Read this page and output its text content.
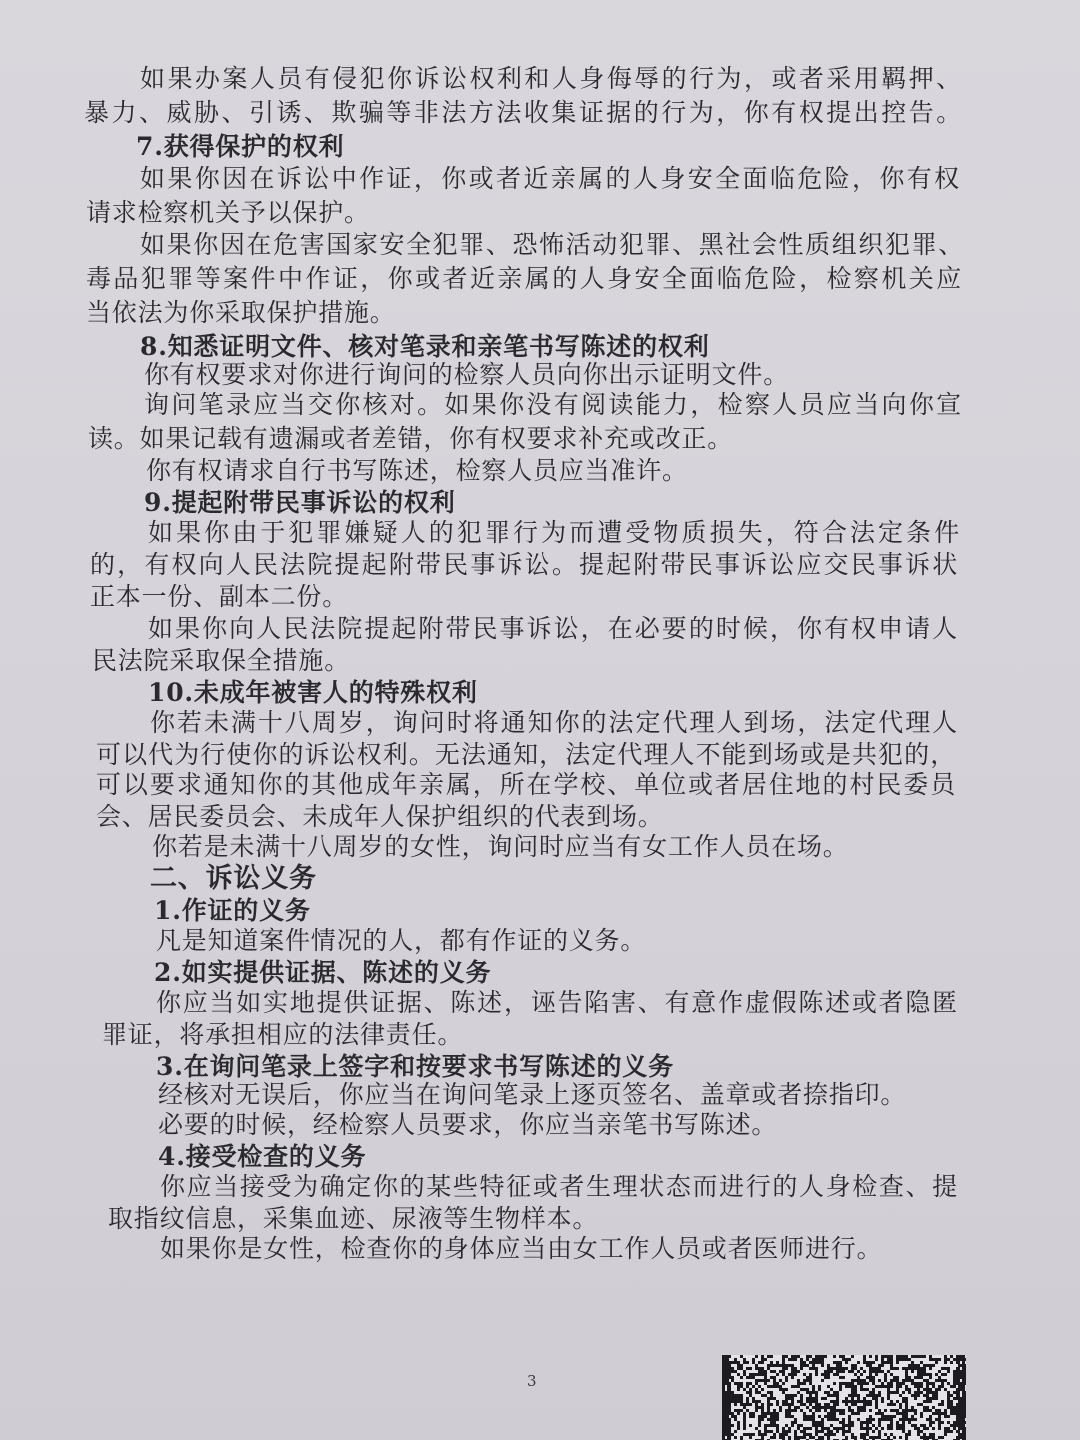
如果办案人员有侵犯你诉讼权利和人身侮辱的行为，或者采用羁押、
暴力、威胁、引诱、欺骗等非法方法收集证据的行为，你有权提出控告。
7.获得保护的权利
如果你因在诉讼中作证，你或者近亲属的人身安全面临危险，你有权
请求检察机关予以保护。
如果你因在危害国家安全犯罪、恐怖活动犯罪、黑社会性质组织犯罪、
毒品犯罪等案件中作证，你或者近亲属的人身安全面临危险，检察机关应
当依法为你采取保护措施。
8.知悉证明文件、核对笔录和亲笔书写陈述的权利
你有权要求对你进行询问的检察人员向你出示证明文件。
询问笔录应当交你核对。如果你没有阅读能力，检察人员应当向你宣
读。如果记载有遗漏或者差错，你有权要求补充或改正。
你有权请求自行书写陈述，检察人员应当准许。
9.提起附带民事诉讼的权利
如果你由于犯罪嫌疑人的犯罪行为而遭受物质损失，符合法定条件
的，有权向人民法院提起附带民事诉讼。提起附带民事诉讼应交民事诉状
正本一份、副本二份。
如果你向人民法院提起附带民事诉讼，在必要的时候，你有权申请人
民法院采取保全措施。
10.未成年被害人的特殊权利
你若未满十八周岁，询问时将通知你的法定代理人到场，法定代理人
可以代为行使你的诉讼权利。无法通知，法定代理人不能到场或是共犯的，
可以要求通知你的其他成年亲属，所在学校、单位或者居住地的村民委员
会、居民委员会、未成年人保护组织的代表到场。
你若是未满十八周岁的女性，询问时应当有女工作人员在场。
二、诉讼义务
1.作证的义务
凡是知道案件情况的人，都有作证的义务。
2.如实提供证据、陈述的义务
你应当如实地提供证据、陈述，诬告陷害、有意作虚假陈述或者隐匿
罪证，将承担相应的法律责任。
3.在询问笔录上签字和按要求书写陈述的义务
经核对无误后，你应当在询问笔录上逐页签名、盖章或者捺指印。
必要的时候，经检察人员要求，你应当亲笔书写陈述。
4.接受检查的义务
你应当接受为确定你的某些特征或者生理状态而进行的人身检查、提
取指纹信息，采集血迹、尿液等生物样本。
如果你是女性，检查你的身体应当由女工作人员或者医师进行。
3
